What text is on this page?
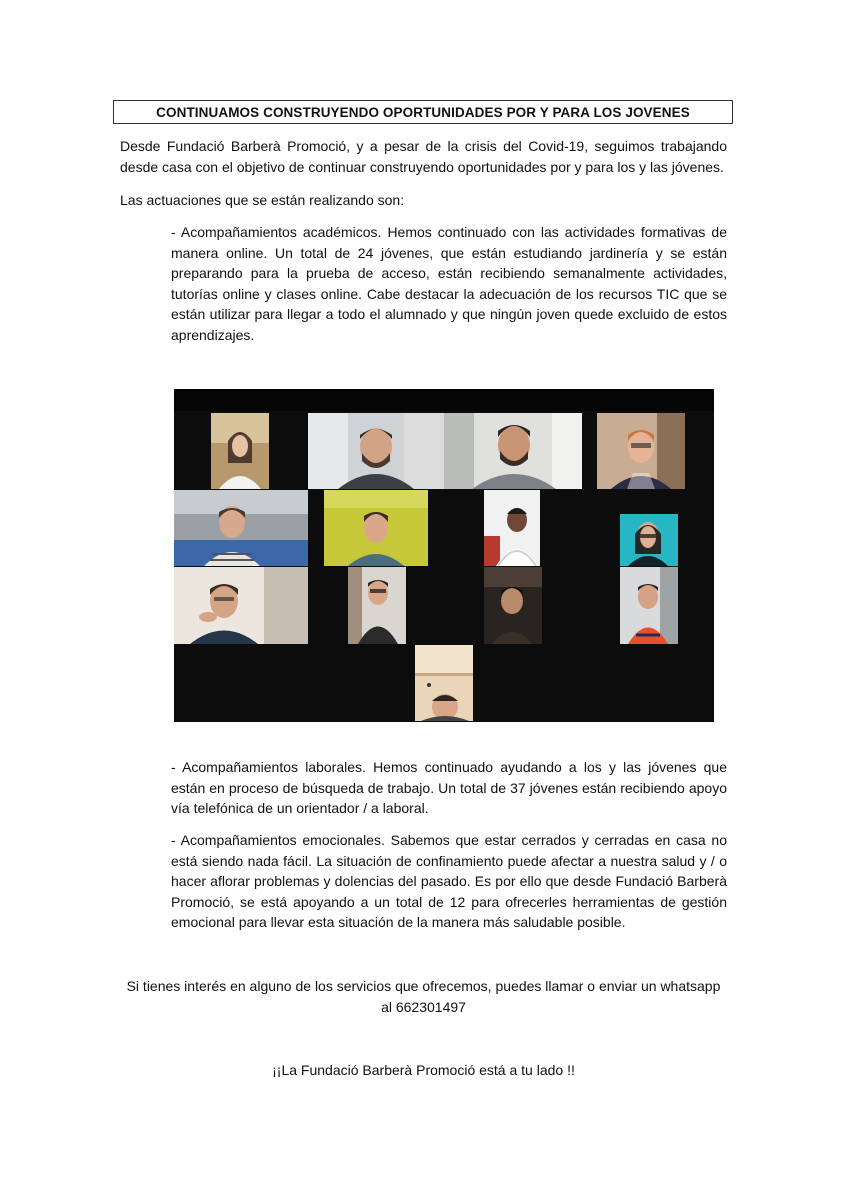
CONTINUAMOS CONSTRUYENDO OPORTUNIDADES POR Y PARA LOS JOVENES

Desde Fundació Barberà Promoció, y a pesar de la crisis del Covid-19, seguimos trabajando desde casa con el objetivo de continuar construyendo oportunidades por y para los y las jóvenes.

Las actuaciones que se están realizando son:

- Acompañamientos académicos. Hemos continuado con las actividades formativas de manera online. Un total de 24 jóvenes, que están estudiando jardinería y se están preparando para la prueba de acceso, están recibiendo semanalmente actividades, tutorías online y clases online. Cabe destacar la adecuación de los recursos TIC que se están utilizar para llegar a todo el alumnado y que ningún joven quede excluido de estos aprendizajes.

- Acompañamientos laborales. Hemos continuado ayudando a los y las jóvenes que están en proceso de búsqueda de trabajo. Un total de 37 jóvenes están recibiendo apoyo vía telefónica de un orientador / a laboral.

- Acompañamientos emocionales. Sabemos que estar cerrados y cerradas en casa no está siendo nada fácil. La situación de confinamiento puede afectar a nuestra salud y / o hacer aflorar problemas y dolencias del pasado. Es por ello que desde Fundació Barberà Promoció, se está apoyando a un total de 12 para ofrecerles herramientas de gestión emocional para llevar esta situación de la manera más saludable posible.

Si tienes interés en alguno de los servicios que ofrecemos, puedes llamar o enviar un whatsapp
al 662301497

¡¡La Fundació Barberà Promoció está a tu lado !!
